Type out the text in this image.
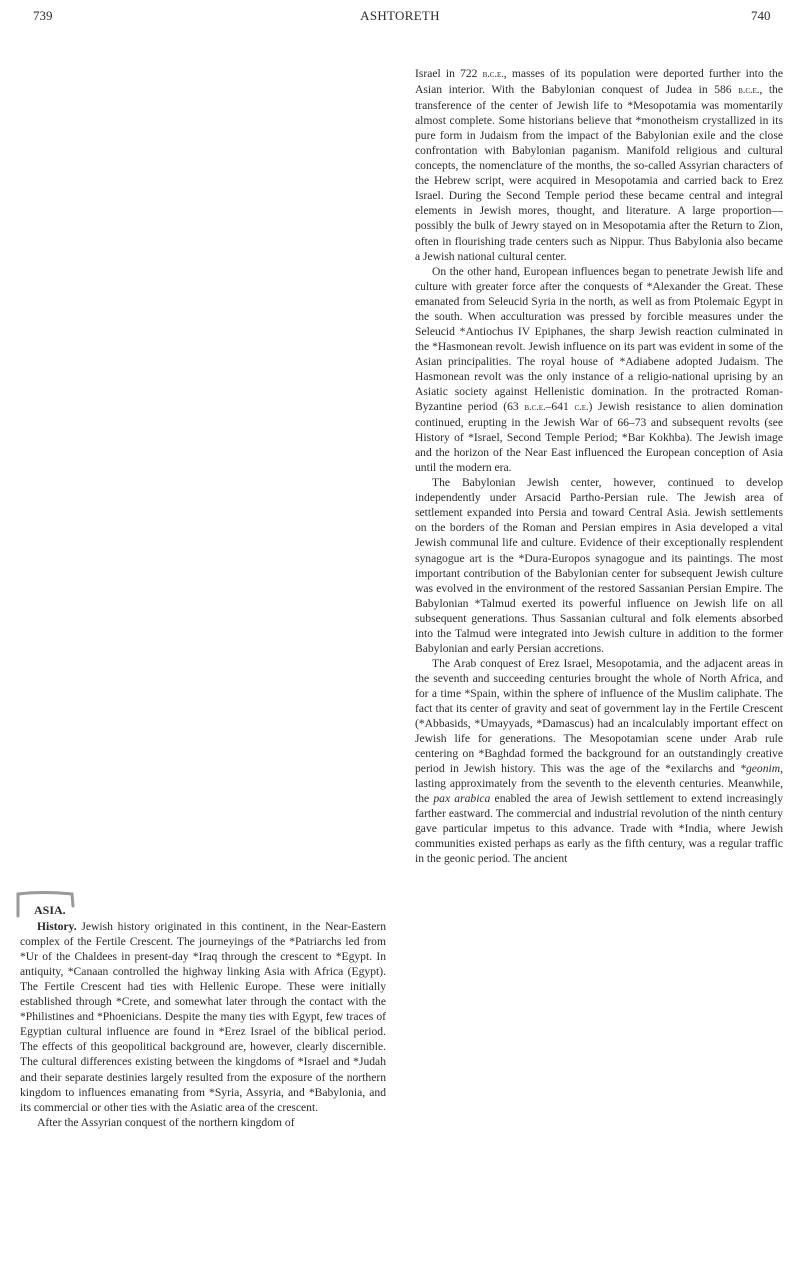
739	ASHTORETH	740
ASIA.

History. Jewish history originated in this continent, in the Near-Eastern complex of the Fertile Crescent. The journeyings of the *Patriarchs led from *Ur of the Chaldees in present-day *Iraq through the crescent to *Egypt. In antiquity, *Canaan controlled the highway linking Asia with Africa (Egypt). The Fertile Crescent had ties with Hellenic Europe. These were initially established through *Crete, and somewhat later through the contact with the *Philistines and *Phoenicians. Despite the many ties with Egypt, few traces of Egyptian cultural influence are found in *Erez Israel of the biblical period. The effects of this geopolitical background are, however, clearly discernible. The cultural differences existing between the kingdoms of *Israel and *Judah and their separate destinies largely resulted from the exposure of the northern kingdom to influences emanating from *Syria, Assyria, and *Babylonia, and its commercial or other ties with the Asiatic area of the crescent.

After the Assyrian conquest of the northern kingdom of

Israel in 722 b.c.e., masses of its population were deported further into the Asian interior. With the Babylonian conquest of Judea in 586 b.c.e., the transference of the center of Jewish life to *Mesopotamia was momentarily almost complete. Some historians believe that *monotheism crystallized in its pure form in Judaism from the impact of the Babylonian exile and the close confrontation with Babylonian paganism. Manifold religious and cultural concepts, the nomenclature of the months, the so-called Assyrian characters of the Hebrew script, were acquired in Mesopotamia and carried back to Erez Israel. During the Second Temple period these became central and integral elements in Jewish mores, thought, and literature. A large proportion—possibly the bulk of Jewry stayed on in Mesopotamia after the Return to Zion, often in flourishing trade centers such as Nippur. Thus Babylonia also became a Jewish national cultural center.

On the other hand, European influences began to penetrate Jewish life and culture with greater force after the conquests of *Alexander the Great. These emanated from Seleucid Syria in the north, as well as from Ptolemaic Egypt in the south. When acculturation was pressed by forcible measures under the Seleucid *Antiochus IV Epiphanes, the sharp Jewish reaction culminated in the *Hasmonean revolt. Jewish influence on its part was evident in some of the Asian principalities. The royal house of *Adiabene adopted Judaism. The Hasmonean revolt was the only instance of a religio-national uprising by an Asiatic society against Hellenistic domination. In the protracted Roman-Byzantine period (63 b.c.e.–641 c.e.) Jewish resistance to alien domination continued, erupting in the Jewish War of 66–73 and subsequent revolts (see History of *Israel, Second Temple Period; *Bar Kokhba). The Jewish image and the horizon of the Near East influenced the European conception of Asia until the modern era.

The Babylonian Jewish center, however, continued to develop independently under Arsacid Partho-Persian rule. The Jewish area of settlement expanded into Persia and toward Central Asia. Jewish settlements on the borders of the Roman and Persian empires in Asia developed a vital Jewish communal life and culture. Evidence of their exceptionally resplendent synagogue art is the *Dura-Europos synagogue and its paintings. The most important contribution of the Babylonian center for subsequent Jewish culture was evolved in the environment of the restored Sassanian Persian Empire. The Babylonian *Talmud exerted its powerful influence on Jewish life on all subsequent generations. Thus Sassanian cultural and folk elements absorbed into the Talmud were integrated into Jewish culture in addition to the former Babylonian and early Persian accretions.

The Arab conquest of Erez Israel, Mesopotamia, and the adjacent areas in the seventh and succeeding centuries brought the whole of North Africa, and for a time *Spain, within the sphere of influence of the Muslim caliphate. The fact that its center of gravity and seat of government lay in the Fertile Crescent (*Abbasids, *Umayyads, *Damascus) had an incalculably important effect on Jewish life for generations. The Mesopotamian scene under Arab rule centering on *Baghdad formed the background for an outstandingly creative period in Jewish history. This was the age of the *exilarchs and *geonim, lasting approximately from the seventh to the eleventh centuries. Meanwhile, the pax arabica enabled the area of Jewish settlement to extend increasingly farther eastward. The commercial and industrial revolution of the ninth century gave particular impetus to this advance. Trade with *India, where Jewish communities existed perhaps as early as the fifth century, was a regular traffic in the geonic period. The ancient
